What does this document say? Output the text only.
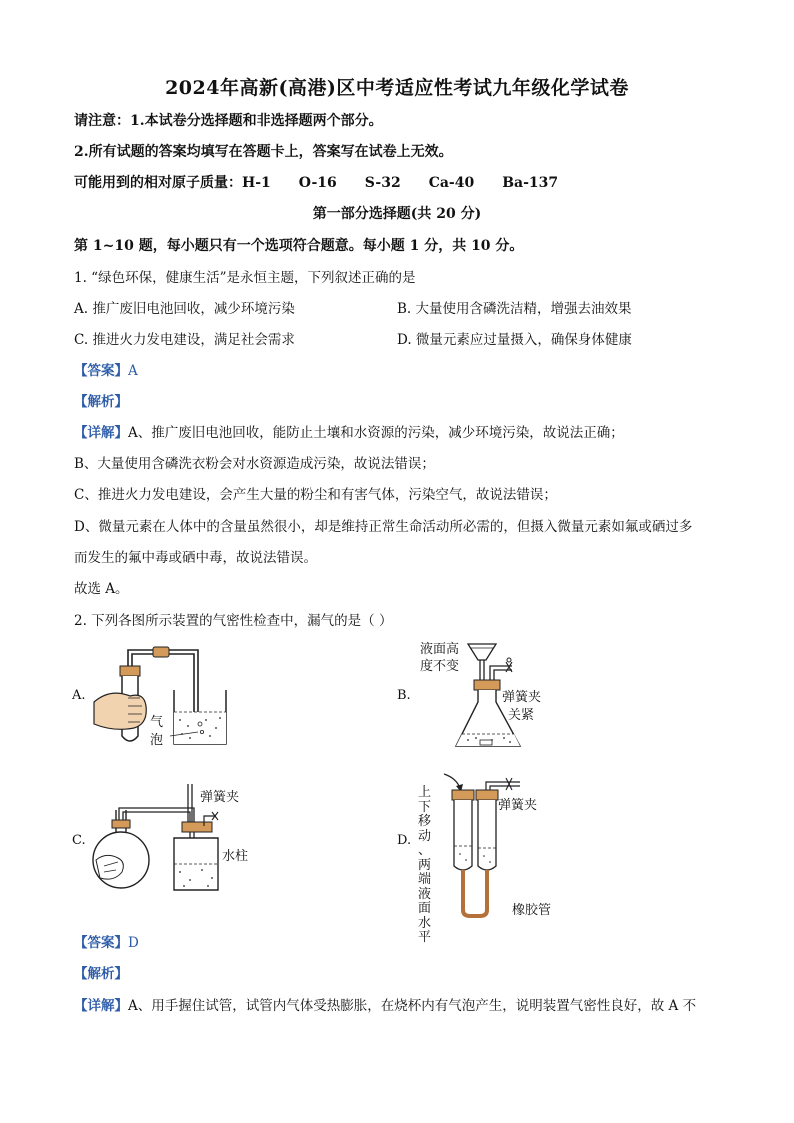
2024年高新(高港)区中考适应性考试九年级化学试卷
请注意：1.本试卷分选择题和非选择题两个部分。
2.所有试题的答案均填写在答题卡上，答案写在试卷上无效。
可能用到的相对原子质量：H-1　　O-16　　S-32　　Ca-40　　Ba-137
第一部分选择题(共 20 分)
第 1~10 题，每小题只有一个选项符合题意。每小题 1 分，共 10 分。
1. “绿色环保，健康生活”是永恒主题，下列叙述正确的是
A. 推广废旧电池回收，减少环境污染	B. 大量使用含磷洗洁精，增强去油效果
C. 推进火力发电建设，满足社会需求	D. 微量元素应过量摄入，确保身体健康
【答案】A
【解析】
【详解】A、推广废旧电池回收，能防止土壤和水资源的污染，减少环境污染，故说法正确；
B、大量使用含磷洗衣粉会对水资源造成污染，故说法错误；
C、推进火力发电建设，会产生大量的粉尘和有害气体，污染空气，故说法错误；
D、微量元素在人体中的含量虽然很小，却是维持正常生命活动所必需的，但摄入微量元素如氟或硒过多
而发生的氟中毒或硒中毒，故说法错误。
故选 A。
2. 下列各图所示装置的气密性检查中，漏气的是（ ）
A.
气
泡
B.
液面高
度不变
弹簧夹
关紧
C.
弹簧夹
水柱
D.
上
下
移
动
、
两
端
液
面
水
平
弹簧夹
橡胶管
【答案】D
【解析】
【详解】A、用手握住试管，试管内气体受热膨胀，在烧杯内有气泡产生，说明装置气密性良好，故 A 不
